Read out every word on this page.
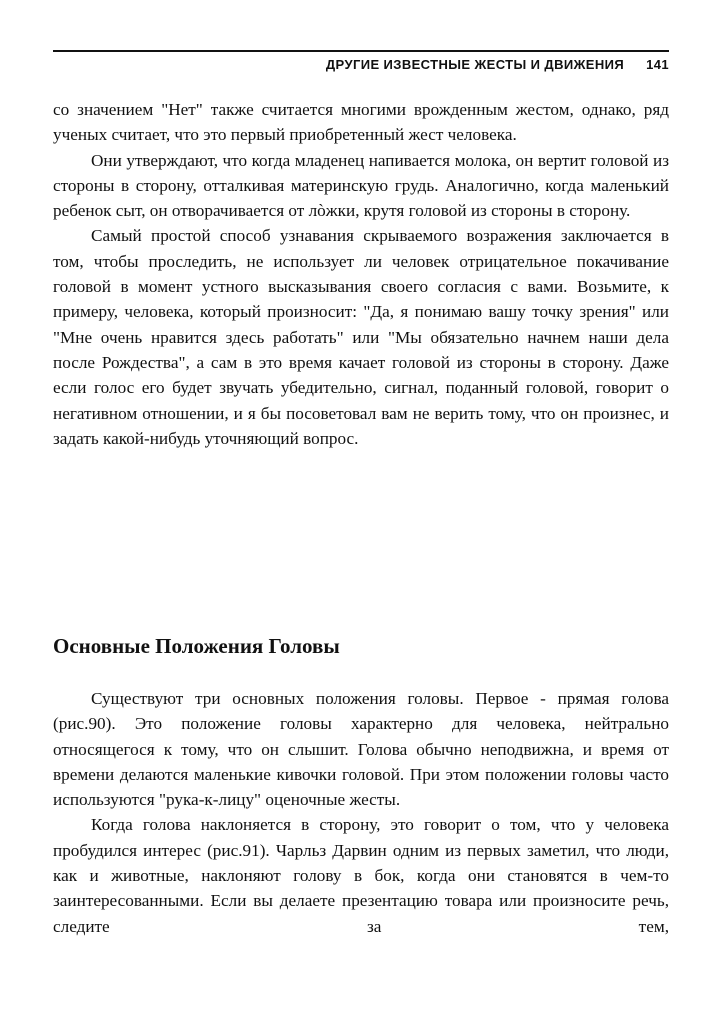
ДРУГИЕ ИЗВЕСТНЫЕ ЖЕСТЫ И ДВИЖЕНИЯ 141

со значением "Нет" также считается многими врожденным жестом, однако, ряд ученых считает, что это первый приобретенный жест человека.

Они утверждают, что когда младенец напивается молока, он вертит головой из стороны в сторону, отталкивая материнскую грудь. Аналогично, когда маленький ребенок сыт, он отворачивается от лòжки, крутя головой из стороны в сторону.

Самый простой способ узнавания скрываемого возражения заключается в том, чтобы проследить, не использует ли человек отрицательное покачивание головой в момент устного высказывания своего согласия с вами. Возьмите, к примеру, человека, который произносит: "Да, я понимаю вашу точку зрения" или "Мне очень нравится здесь работать" или "Мы обязательно начнем наши дела после Рождества", а сам в это время качает головой из стороны в сторону. Даже если голос его будет звучать убедительно, сигнал, поданный головой, говорит о негативном отношении, и я бы посоветовал вам не верить тому, что он произнес, и задать какой-нибудь уточняющий вопрос.

Основные Положения Головы

Существуют три основных положения головы. Первое - прямая голова (рис.90). Это положение головы характерно для человека, нейтрально относящегося к тому, что он слышит. Голова обычно неподвижна, и время от времени делаются маленькие кивочки головой. При этом положении головы часто используются "рука-к-лицу" оценочные жесты.

Когда голова наклоняется в сторону, это говорит о том, что у человека пробудился интерес (рис.91). Чарльз Дарвин одним из первых заметил, что люди, как и животные, наклоняют голову в бок, когда они становятся в чем-то заинтересованными. Если вы делаете презентацию товара или произносите речь, следите за тем,
